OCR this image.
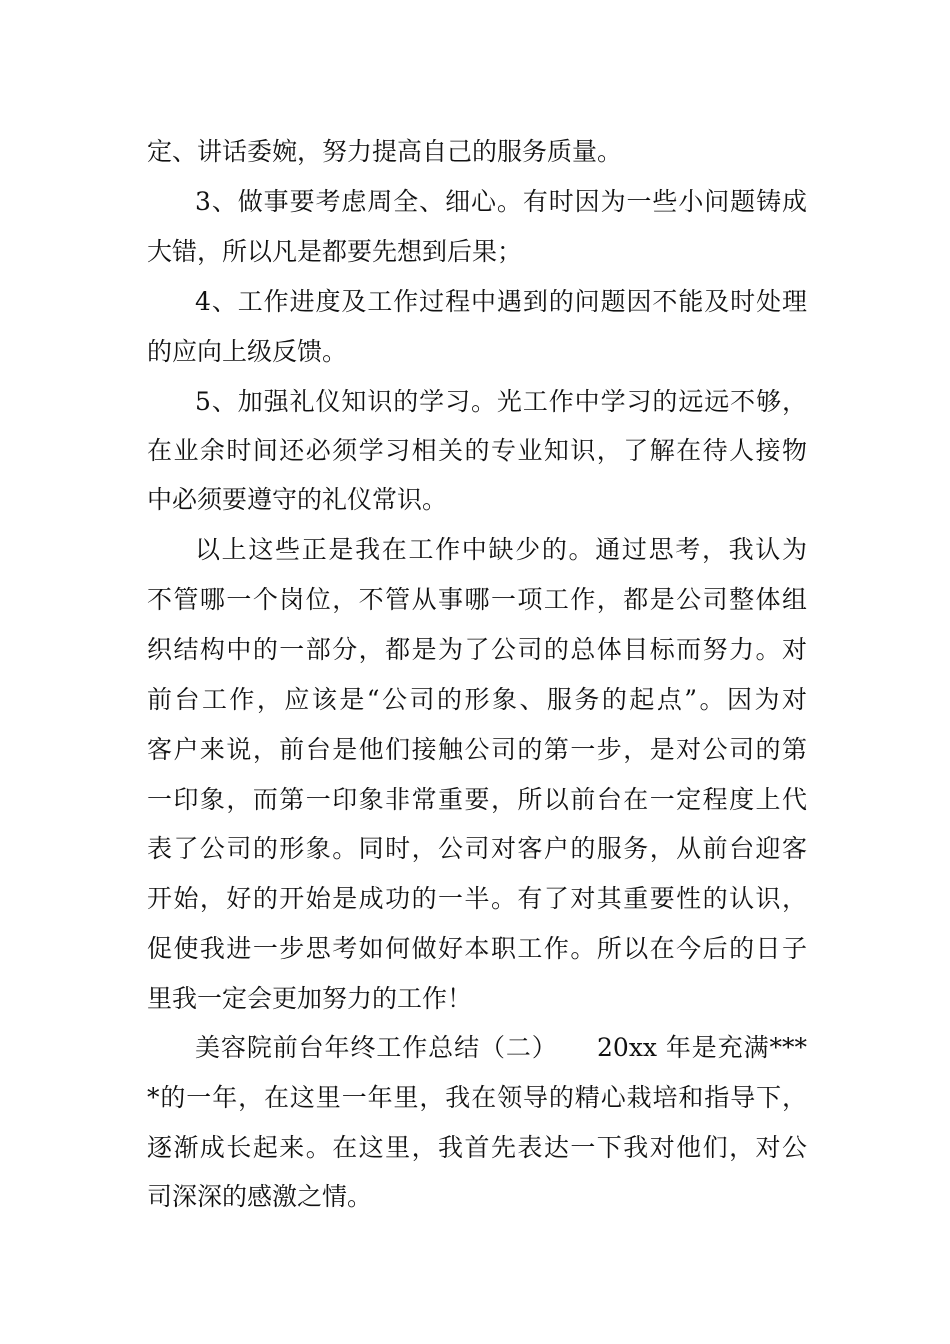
定、讲话委婉，努力提高自己的服务质量。
3、做事要考虑周全、细心。有时因为一些小问题铸成
大错，所以凡是都要先想到后果；
4、工作进度及工作过程中遇到的问题因不能及时处理
的应向上级反馈。
5、加强礼仪知识的学习。光工作中学习的远远不够，
在业余时间还必须学习相关的专业知识，了解在待人接物
中必须要遵守的礼仪常识。
以上这些正是我在工作中缺少的。通过思考，我认为
不管哪一个岗位，不管从事哪一项工作，都是公司整体组
织结构中的一部分，都是为了公司的总体目标而努力。对
前台工作，应该是“公司的形象、服务的起点”。因为对
客户来说，前台是他们接触公司的第一步，是对公司的第
一印象，而第一印象非常重要，所以前台在一定程度上代
表了公司的形象。同时，公司对客户的服务，从前台迎客
开始，好的开始是成功的一半。有了对其重要性的认识，
促使我进一步思考如何做好本职工作。所以在今后的日子
里我一定会更加努力的工作！
美容院前台年终工作总结（二）　　20xx 年是充满***
*的一年，在这里一年里，我在领导的精心栽培和指导下，
逐渐成长起来。在这里，我首先表达一下我对他们，对公
司深深的感激之情。
